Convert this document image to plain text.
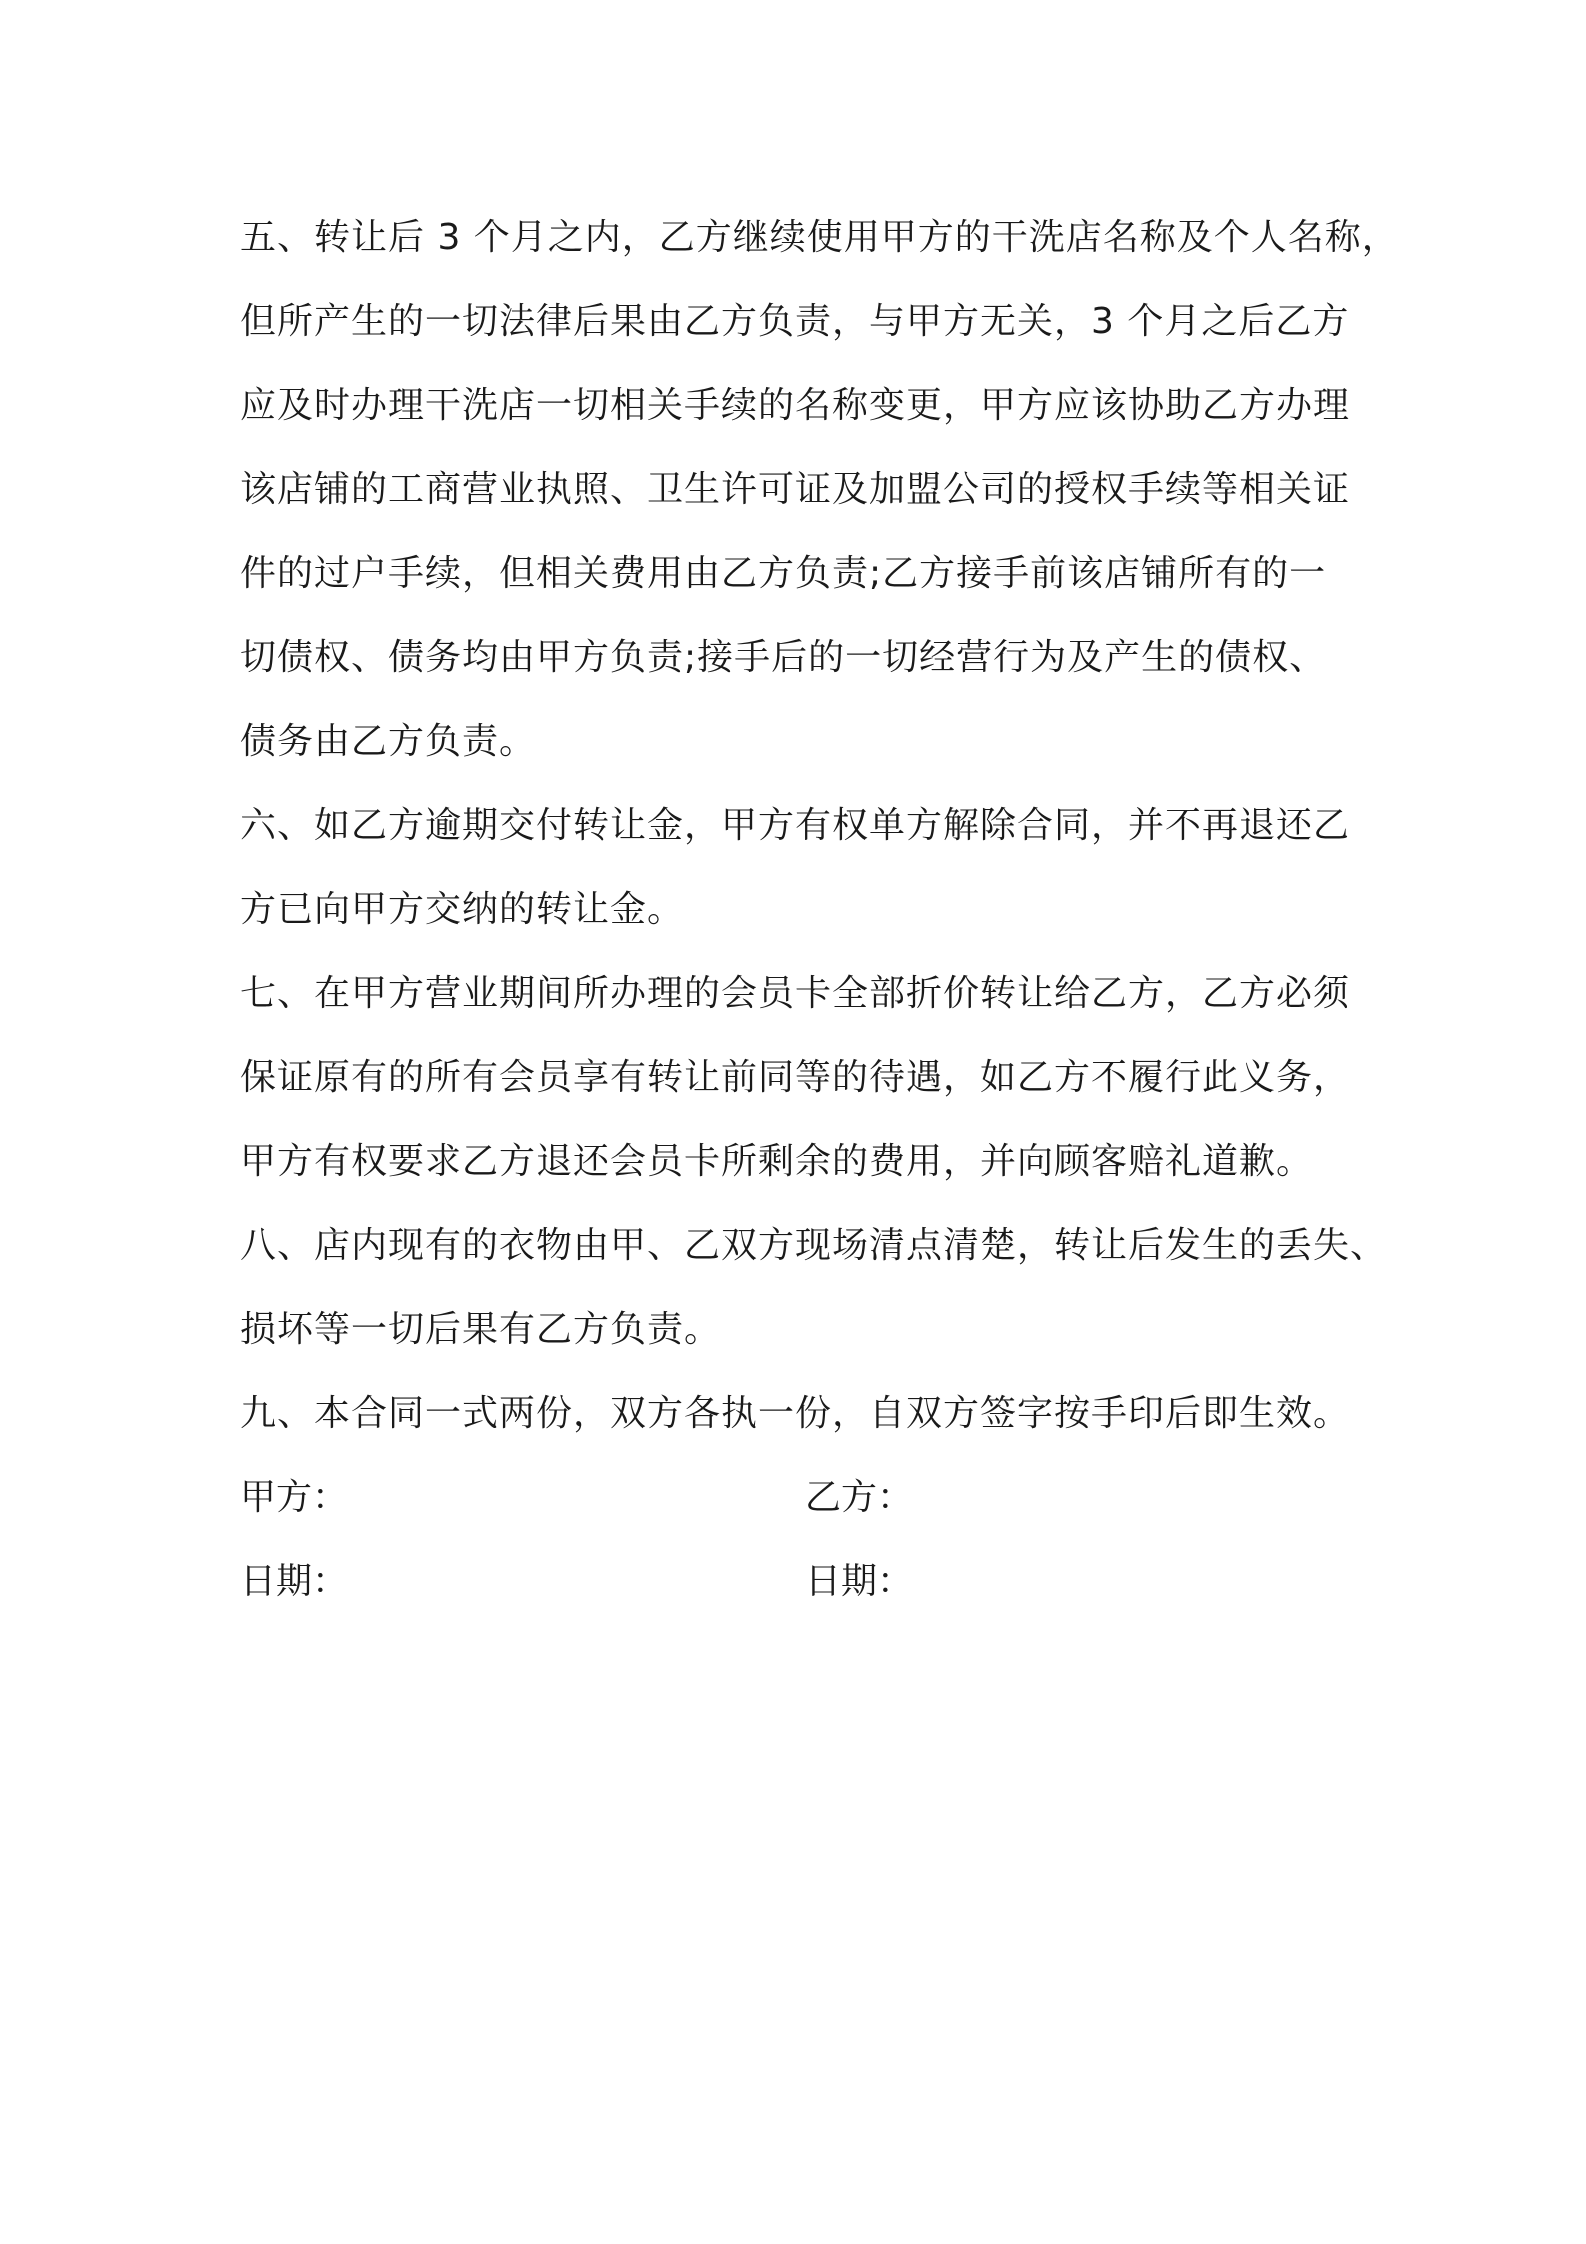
五、转让后 3 个月之内，乙方继续使用甲方的干洗店名称及个人名称，
但所产生的一切法律后果由乙方负责，与甲方无关，3 个月之后乙方
应及时办理干洗店一切相关手续的名称变更，甲方应该协助乙方办理
该店铺的工商营业执照、卫生许可证及加盟公司的授权手续等相关证
件的过户手续，但相关费用由乙方负责;乙方接手前该店铺所有的一
切债权、债务均由甲方负责;接手后的一切经营行为及产生的债权、
债务由乙方负责。

六、如乙方逾期交付转让金，甲方有权单方解除合同，并不再退还乙
方已向甲方交纳的转让金。

七、在甲方营业期间所办理的会员卡全部折价转让给乙方，乙方必须
保证原有的所有会员享有转让前同等的待遇，如乙方不履行此义务，
甲方有权要求乙方退还会员卡所剩余的费用，并向顾客赔礼道歉。

八、店内现有的衣物由甲、乙双方现场清点清楚，转让后发生的丢失、
损坏等一切后果有乙方负责。

九、本合同一式两份，双方各执一份，自双方签字按手印后即生效。

甲方：	乙方：
日期：	日期：
